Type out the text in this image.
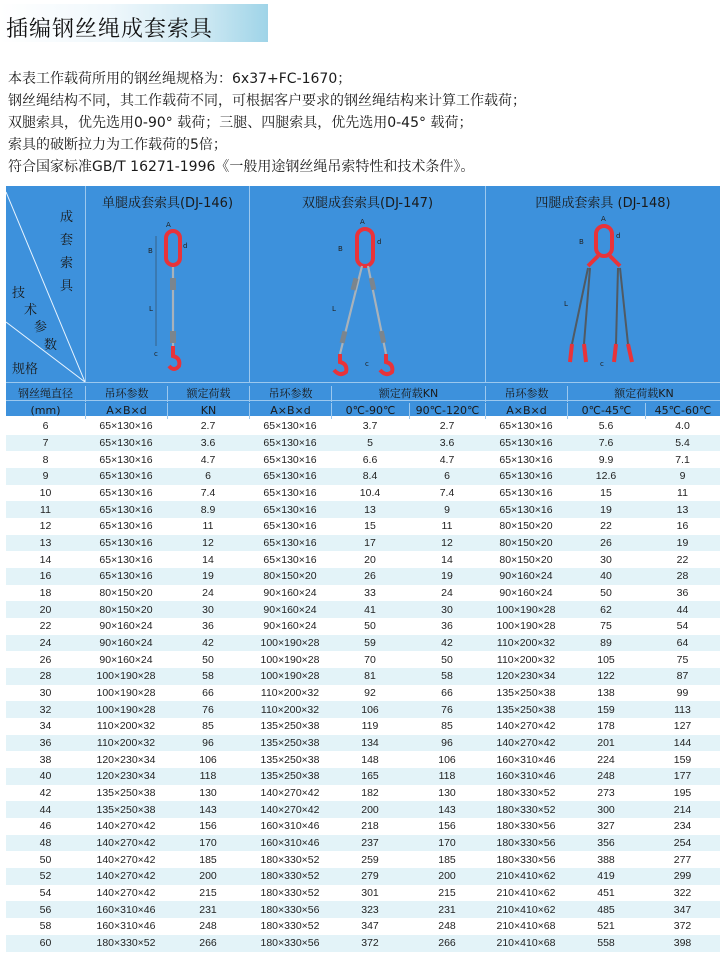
插编钢丝绳成套索具
本表工作载荷所用的钢丝绳规格为：6x37+FC-1670；
钢丝绳结构不同，其工作载荷不同，可根据客户要求的钢丝绳结构来计算工作载荷；
双腿索具，优先选用0-90° 载荷；三腿、四腿索具，优先选用0-45° 载荷；
索具的破断拉力为工作载荷的5倍；
符合国家标准GB/T 16271-1996《一般用途钢丝绳吊索特性和技术条件》。
成套索具
技
术
参
数
规格
单腿成套索具(DJ-146)
A
B
d
L
c
双腿成套索具(DJ-147)
A
B
d
L
c
四腿成套索具 (DJ-148)
A
B
d
L
c
钢丝绳直径	吊环参数	额定荷载	吊环参数	额定荷载KN	吊环参数	额定荷载KN
(mm)	A×B×d	KN	A×B×d	0℃-90℃	90℃-120℃	A×B×d	0℃-45℃	45℃-60℃
6	65×130×16	2.7	65×130×16	3.7	2.7	65×130×16	5.6	4.0
7	65×130×16	3.6	65×130×16	5	3.6	65×130×16	7.6	5.4
8	65×130×16	4.7	65×130×16	6.6	4.7	65×130×16	9.9	7.1
9	65×130×16	6	65×130×16	8.4	6	65×130×16	12.6	9
10	65×130×16	7.4	65×130×16	10.4	7.4	65×130×16	15	11
11	65×130×16	8.9	65×130×16	13	9	65×130×16	19	13
12	65×130×16	11	65×130×16	15	11	80×150×20	22	16
13	65×130×16	12	65×130×16	17	12	80×150×20	26	19
14	65×130×16	14	65×130×16	20	14	80×150×20	30	22
16	65×130×16	19	80×150×20	26	19	90×160×24	40	28
18	80×150×20	24	90×160×24	33	24	90×160×24	50	36
20	80×150×20	30	90×160×24	41	30	100×190×28	62	44
22	90×160×24	36	90×160×24	50	36	100×190×28	75	54
24	90×160×24	42	100×190×28	59	42	110×200×32	89	64
26	90×160×24	50	100×190×28	70	50	110×200×32	105	75
28	100×190×28	58	100×190×28	81	58	120×230×34	122	87
30	100×190×28	66	110×200×32	92	66	135×250×38	138	99
32	100×190×28	76	110×200×32	106	76	135×250×38	159	113
34	110×200×32	85	135×250×38	119	85	140×270×42	178	127
36	110×200×32	96	135×250×38	134	96	140×270×42	201	144
38	120×230×34	106	135×250×38	148	106	160×310×46	224	159
40	120×230×34	118	135×250×38	165	118	160×310×46	248	177
42	135×250×38	130	140×270×42	182	130	180×330×52	273	195
44	135×250×38	143	140×270×42	200	143	180×330×52	300	214
46	140×270×42	156	160×310×46	218	156	180×330×56	327	234
48	140×270×42	170	160×310×46	237	170	180×330×56	356	254
50	140×270×42	185	180×330×52	259	185	180×330×56	388	277
52	140×270×42	200	180×330×52	279	200	210×410×62	419	299
54	140×270×42	215	180×330×52	301	215	210×410×62	451	322
56	160×310×46	231	180×330×56	323	231	210×410×62	485	347
58	160×310×46	248	180×330×52	347	248	210×410×68	521	372
60	180×330×52	266	180×330×56	372	266	210×410×68	558	398
